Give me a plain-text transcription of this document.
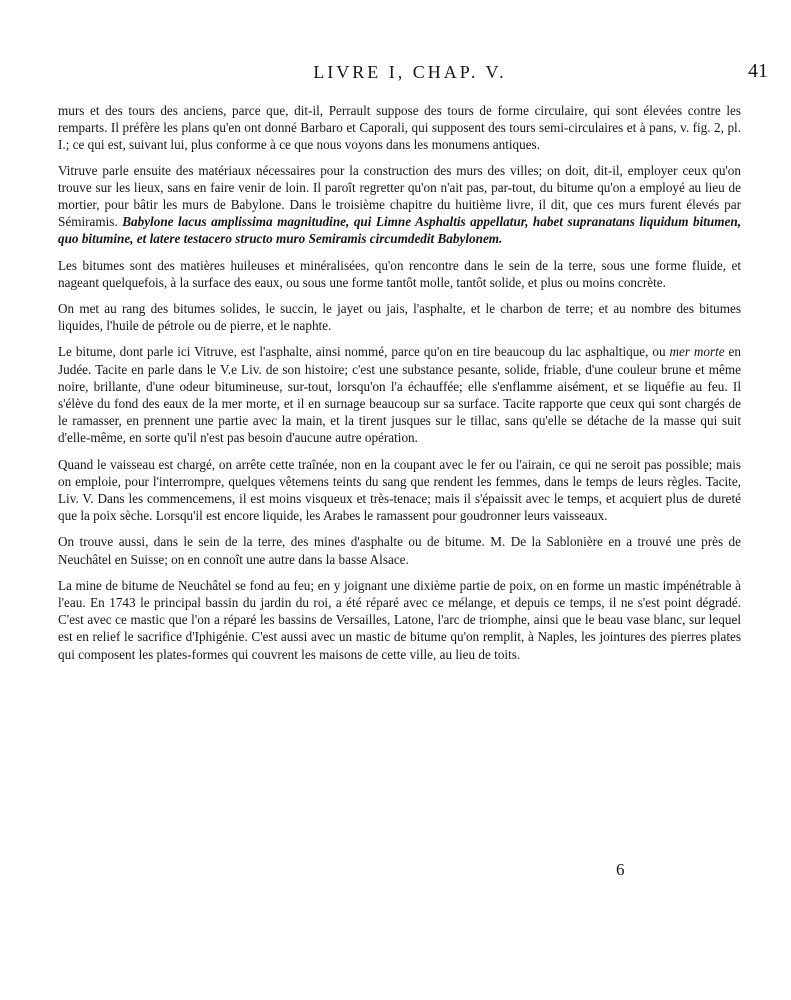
LIVRE I, CHAP. V.	41

murs et des tours des anciens, parce que, dit-il, Perrault suppose des tours de forme circulaire, qui sont élevées contre les remparts. Il préfère les plans qu'en ont donné Barbaro et Caporali, qui supposent des tours semi-circulaires et à pans, v. fig. 2, pl. I.; ce qui est, suivant lui, plus conforme à ce que nous voyons dans les monumens antiques.

Vitruve parle ensuite des matériaux nécessaires pour la construction des murs des villes; on doit, dit-il, employer ceux qu'on trouve sur les lieux, sans en faire venir de loin. Il paroît regretter qu'on n'ait pas, par-tout, du bitume qu'on a employé au lieu de mortier, pour bâtir les murs de Babylone. Dans le troisième chapitre du huitième livre, il dit, que ces murs furent élevés par Sémiramis. Babylone lacus amplissima magnitudine, qui Limne Asphaltis appellatur, habet supranatans liquidum bitumen, quo bitumine, et latere testacero structo muro Semiramis circumdedit Babylonem.

Les bitumes sont des matières huileuses et minéralisées, qu'on rencontre dans le sein de la terre, sous une forme fluide, et nageant quelquefois, à la surface des eaux, ou sous une forme tantôt molle, tantôt solide, et plus ou moins concrète.

On met au rang des bitumes solides, le succin, le jayet ou jais, l'asphalte, et le charbon de terre; et au nombre des bitumes liquides, l'huile de pétrole ou de pierre, et le naphte.

Le bitume, dont parle ici Vitruve, est l'asphalte, ainsi nommé, parce qu'on en tire beaucoup du lac asphaltique, ou mer morte en Judée. Tacite en parle dans le V.e Liv. de son histoire; c'est une substance pesante, solide, friable, d'une couleur brune et même noire, brillante, d'une odeur bitumineuse, sur-tout, lorsqu'on l'a échauffée; elle s'enflamme aisément, et se liquéfie au feu. Il s'élève du fond des eaux de la mer morte, et il en surnage beaucoup sur sa surface. Tacite rapporte que ceux qui sont chargés de le ramasser, en prennent une partie avec la main, et la tirent jusques sur le tillac, sans qu'elle se détache de la masse qui suit d'elle-même, en sorte qu'il n'est pas besoin d'aucune autre opération.

Quand le vaisseau est chargé, on arrête cette traînée, non en la coupant avec le fer ou l'airain, ce qui ne seroit pas possible; mais on emploie, pour l'interrompre, quelques vêtemens teints du sang que rendent les femmes, dans le temps de leurs règles. Tacite, Liv. V. Dans les commencemens, il est moins visqueux et très-tenace; mais il s'épaissit avec le temps, et acquiert plus de dureté que la poix sèche. Lorsqu'il est encore liquide, les Arabes le ramassent pour goudronner leurs vaisseaux.

On trouve aussi, dans le sein de la terre, des mines d'asphalte ou de bitume. M. De la Sablonière en a trouvé une près de Neuchâtel en Suisse; on en connoît une autre dans la basse Alsace.

La mine de bitume de Neuchâtel se fond au feu; en y joignant une dixième partie de poix, on en forme un mastic impénétrable à l'eau. En 1743 le principal bassin du jardin du roi, a été réparé avec ce mélange, et depuis ce temps, il ne s'est point dégradé. C'est avec ce mastic que l'on a réparé les bassins de Versailles, Latone, l'arc de triomphe, ainsi que le beau vase blanc, sur lequel est en relief le sacrifice d'Iphigénie. C'est aussi avec un mastic de bitume qu'on remplit, à Naples, les jointures des pierres plates qui composent les plates-formes qui couvrent les maisons de cette ville, au lieu de toits.

6
